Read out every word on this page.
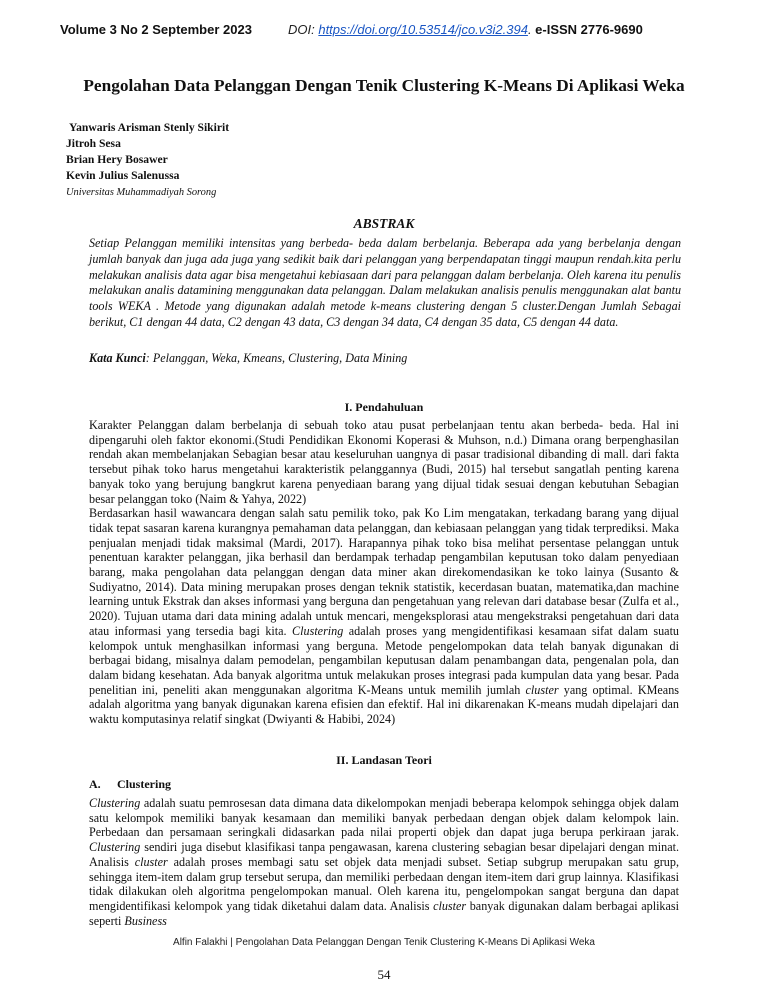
Volume 3 No 2 September 2023	DOI: https://doi.org/10.53514/jco.v3i2.394. e-ISSN 2776-9690
Pengolahan Data Pelanggan Dengan Tenik Clustering K-Means Di Aplikasi Weka
Yanwaris Arisman Stenly Sikirit
Jitroh Sesa
Brian Hery Bosawer
Kevin Julius Salenussa
Universitas Muhammadiyah Sorong
ABSTRAK
Setiap Pelanggan memiliki intensitas yang berbeda- beda dalam berbelanja. Beberapa ada yang berbelanja dengan jumlah banyak dan juga ada juga yang sedikit baik dari pelanggan yang berpendapatan tinggi maupun rendah.kita perlu melakukan analisis data agar bisa mengetahui kebiasaan dari para pelanggan dalam berbelanja. Oleh karena itu penulis melakukan analis datamining menggunakan data pelanggan. Dalam melakukan analisis penulis menggunakan alat bantu tools WEKA . Metode yang digunakan adalah metode k-means clustering dengan 5 cluster.Dengan Jumlah Sebagai berikut, C1 dengan 44 data, C2 dengan 43 data, C3 dengan 34 data, C4 dengan 35 data, C5 dengan 44 data.
Kata Kunci: Pelanggan, Weka, Kmeans, Clustering, Data Mining
I. Pendahuluan

Karakter Pelanggan dalam berbelanja di sebuah toko atau pusat perbelanjaan tentu akan berbeda- beda. Hal ini dipengaruhi oleh faktor ekonomi.(Studi Pendidikan Ekonomi Koperasi & Muhson, n.d.) Dimana orang berpenghasilan rendah akan membelanjakan Sebagian besar atau keseluruhan uangnya di pasar tradisional dibanding di mall. dari fakta tersebut pihak toko harus mengetahui karakteristik pelanggannya (Budi, 2015) hal tersebut sangatlah penting karena banyak toko yang berujung bangkrut karena penyediaan barang yang dijual tidak sesuai dengan kebutuhan Sebagian besar pelanggan toko (Naim & Yahya, 2022)

Berdasarkan hasil wawancara dengan salah satu pemilik toko, pak Ko Lim mengatakan, terkadang barang yang dijual tidak tepat sasaran karena kurangnya pemahaman data pelanggan, dan kebiasaan pelanggan yang tidak terprediksi. Maka penjualan menjadi tidak maksimal (Mardi, 2017). Harapannya pihak toko bisa melihat persentase pelanggan untuk penentuan karakter pelanggan, jika berhasil dan berdampak terhadap pengambilan keputusan toko dalam penyediaan barang, maka pengolahan data pelanggan dengan data miner akan direkomendasikan ke toko lainya (Susanto & Sudiyatno, 2014). Data mining merupakan proses dengan teknik statistik, kecerdasan buatan, matematika,dan machine learning untuk Ekstrak dan akses informasi yang berguna dan pengetahuan yang relevan dari database besar (Zulfa et al., 2020). Tujuan utama dari data mining adalah untuk mencari, mengeksplorasi atau mengekstraksi pengetahuan dari data atau informasi yang tersedia bagi kita. Clustering adalah proses yang mengidentifikasi kesamaan sifat dalam suatu kelompok untuk menghasilkan informasi yang berguna. Metode pengelompokan data telah banyak digunakan di berbagai bidang, misalnya dalam pemodelan, pengambilan keputusan dalam penambangan data, pengenalan pola, dan dalam bidang kesehatan. Ada banyak algoritma untuk melakukan proses integrasi pada kumpulan data yang besar. Pada penelitian ini, peneliti akan menggunakan algoritma K-Means untuk memilih jumlah cluster yang optimal. KMeans adalah algoritma yang banyak digunakan karena efisien dan efektif. Hal ini dikarenakan K-means mudah dipelajari dan waktu komputasinya relatif singkat (Dwiyanti & Habibi, 2024)

II. Landasan Teori
A. Clustering

Clustering adalah suatu pemrosesan data dimana data dikelompokan menjadi beberapa kelompok sehingga objek dalam satu kelompok memiliki banyak kesamaan dan memiliki banyak perbedaan dengan objek dalam kelompok lain. Perbedaan dan persamaan seringkali didasarkan pada nilai properti objek dan dapat juga berupa perkiraan jarak. Clustering sendiri juga disebut klasifikasi tanpa pengawasan, karena clustering sebagian besar dipelajari dengan minat. Analisis cluster adalah proses membagi satu set objek data menjadi subset. Setiap subgrup merupakan satu grup, sehingga item-item dalam grup tersebut serupa, dan memiliki perbedaan dengan item-item dari grup lainnya. Klasifikasi tidak dilakukan oleh algoritma pengelompokan manual. Oleh karena itu, pengelompokan sangat berguna dan dapat mengidentifikasi kelompok yang tidak diketahui dalam data. Analisis cluster banyak digunakan dalam berbagai aplikasi seperti Business

Alfin Falakhi | Pengolahan Data Pelanggan Dengan Tenik Clustering K-Means Di Aplikasi Weka
54
